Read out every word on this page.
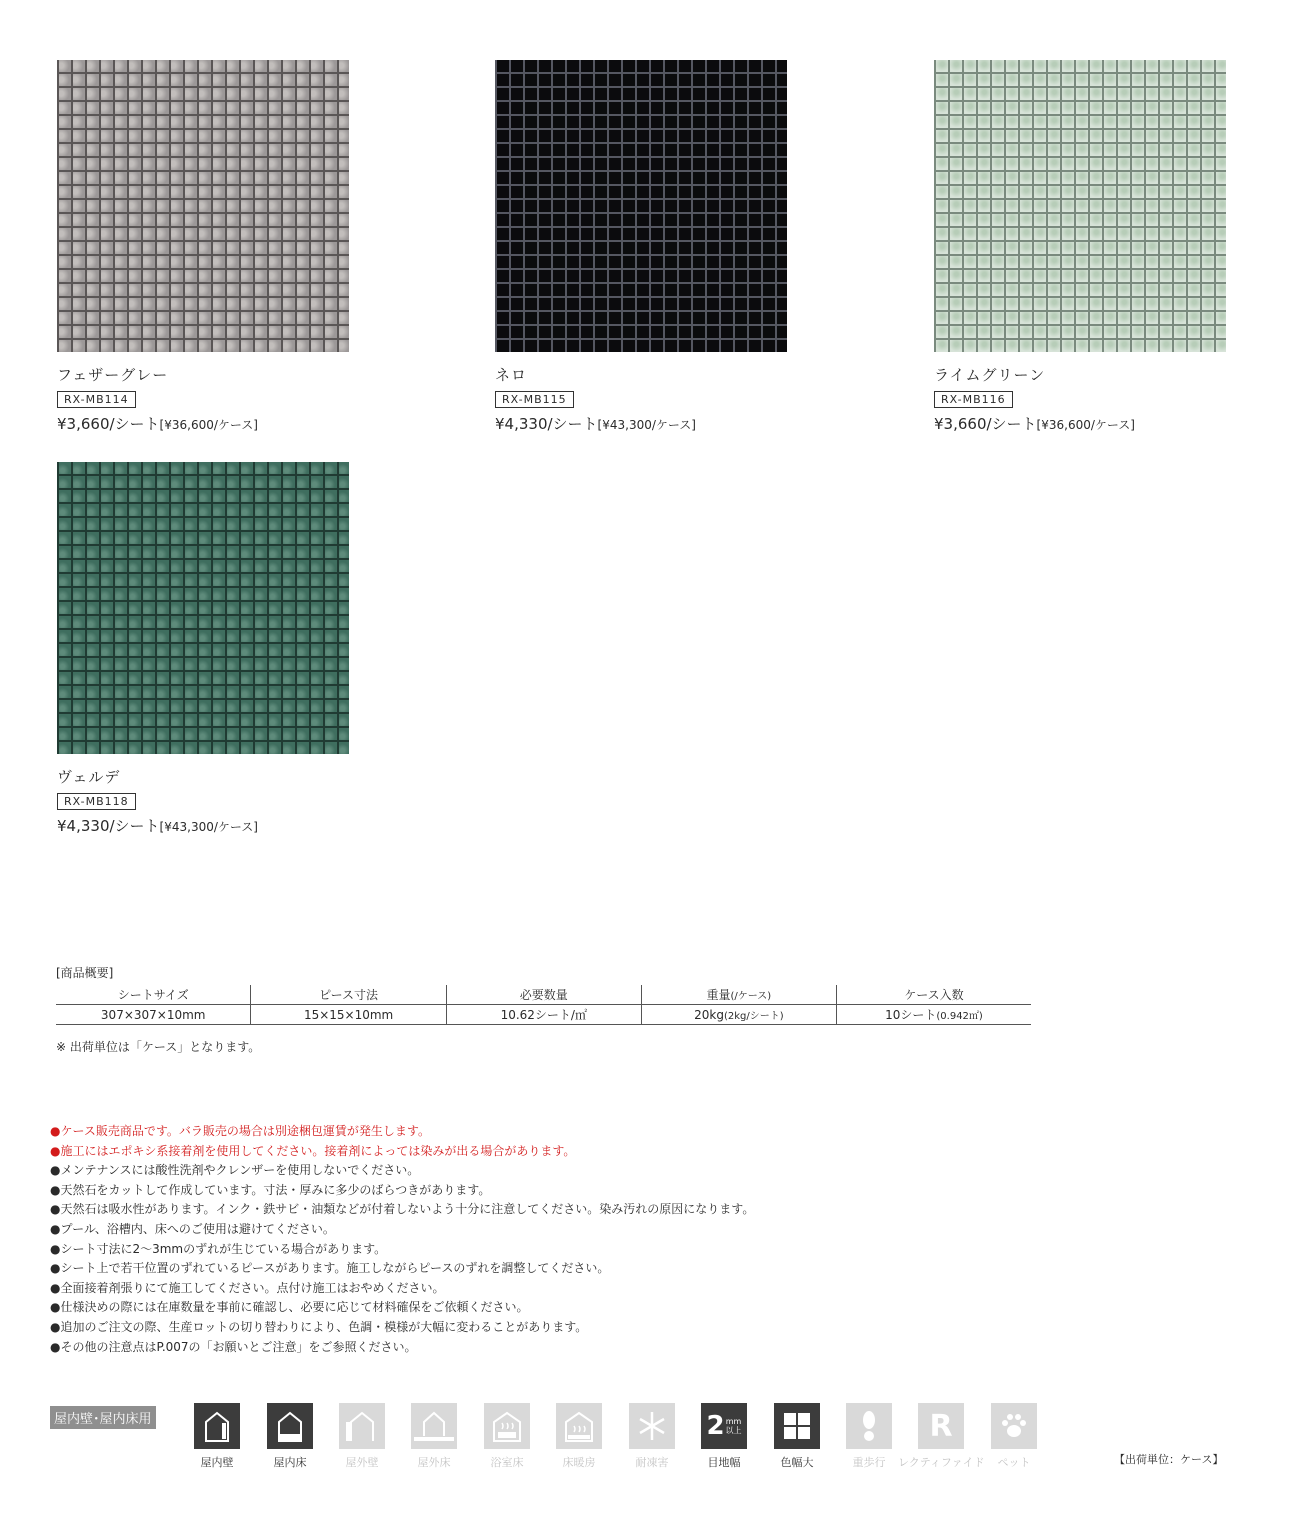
フェザーグレー
RX-MB114
¥3,660/シート[¥36,600/ケース]
ネロ
RX-MB115
¥4,330/シート[¥43,300/ケース]
ライムグリーン
RX-MB116
¥3,660/シート[¥36,600/ケース]
ヴェルデ
RX-MB118
¥4,330/シート[¥43,300/ケース]
[商品概要]
シートサイズ	ピース寸法	必要数量	重量(/ケース)	ケース入数
307×307×10mm	15×15×10mm	10.62シート/㎡	20kg(2kg/シート)	10シート(0.942㎡)
※ 出荷単位は「ケース」となります。
●ケース販売商品です。バラ販売の場合は別途梱包運賃が発生します。
●施工にはエポキシ系接着剤を使用してください。接着剤によっては染みが出る場合があります。
●メンテナンスには酸性洗剤やクレンザーを使用しないでください。
●天然石をカットして作成しています。寸法・厚みに多少のばらつきがあります。
●天然石は吸水性があります。インク・鉄サビ・油類などが付着しないよう十分に注意してください。染み汚れの原因になります。
●プール、浴槽内、床へのご使用は避けてください。
●シート寸法に2〜3mmのずれが生じている場合があります。
●シート上で若干位置のずれているピースがあります。施工しながらピースのずれを調整してください。
●全面接着剤張りにて施工してください。点付け施工はおやめください。
●仕様決めの際には在庫数量を事前に確認し、必要に応じて材料確保をご依頼ください。
●追加のご注文の際、生産ロットの切り替わりにより、色調・模様が大幅に変わることがあります。
●その他の注意点はP.007の「お願いとご注意」をご参照ください。
屋内壁･屋内床用
屋内壁	屋内床	屋外壁	屋外床	浴室床	床暖房	耐凍害
2 mm
以上
目地幅	色幅大	重歩行
R
レクティファイド	ペット	【出荷単位：ケース】
